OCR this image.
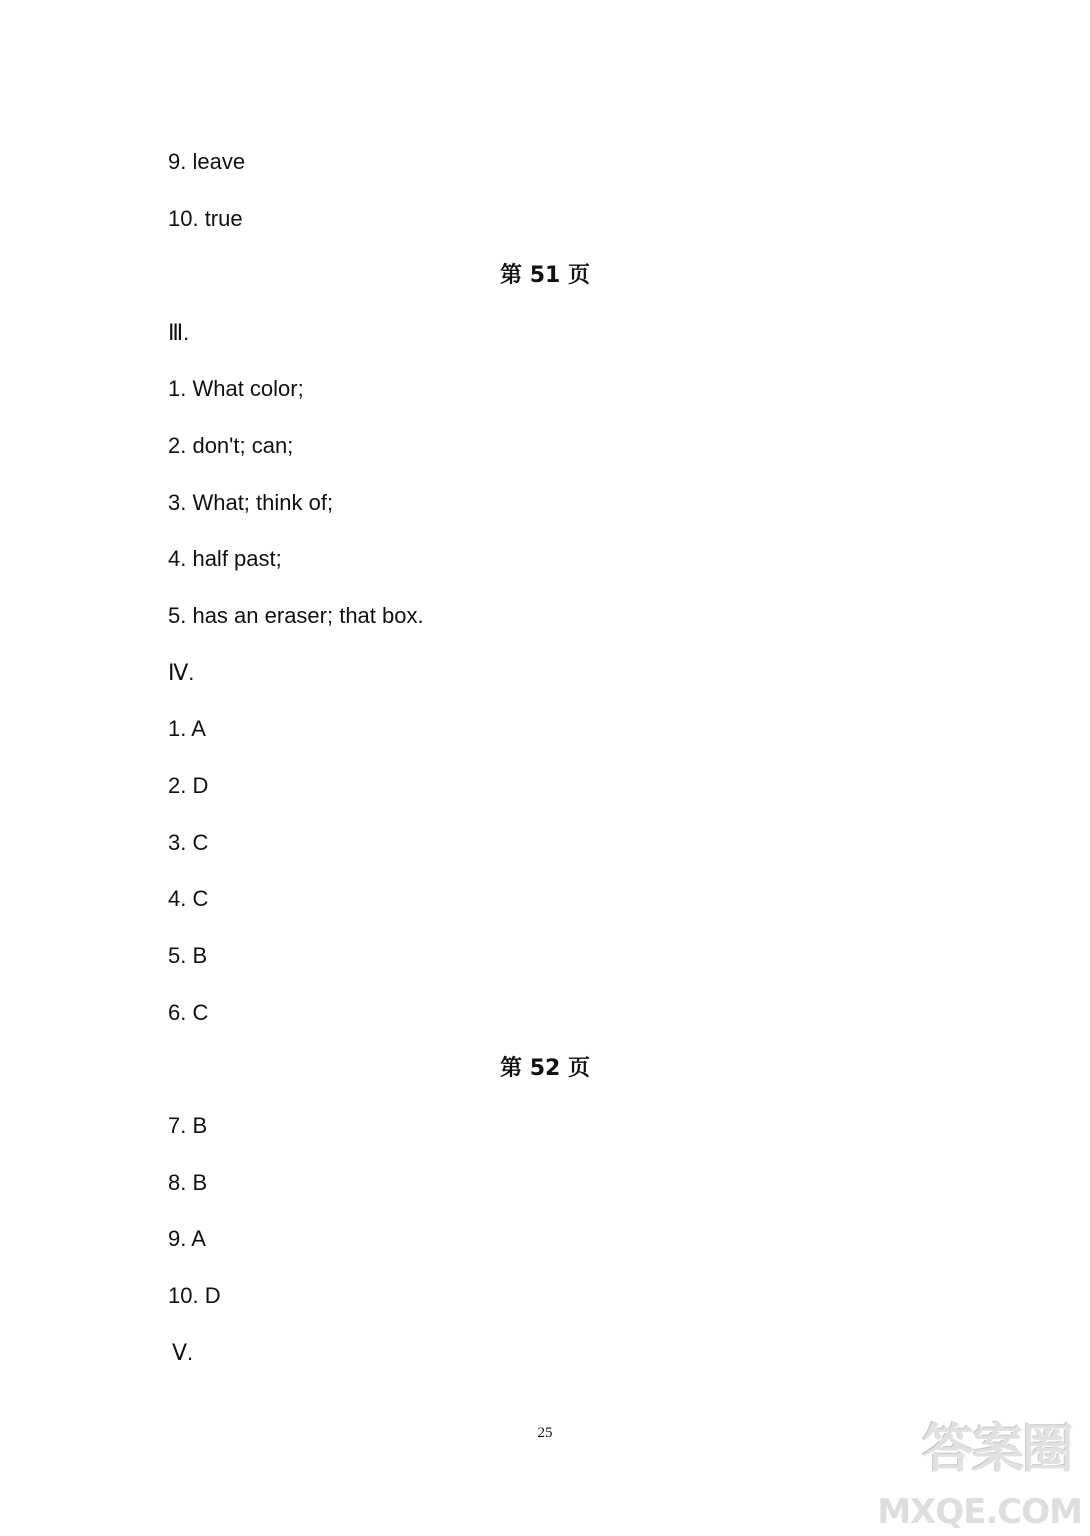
9. leave
10. true
第 51 页
Ⅲ.
1. What color;
2. don't; can;
3. What; think of;
4. half past;
5. has an eraser; that box.
Ⅳ.
1. A
2. D
3. C
4. C
5. B
6. C
第 52 页
7. B
8. B
9. A
10. D
Ⅴ.
25	答案圈
MXQE.COM
